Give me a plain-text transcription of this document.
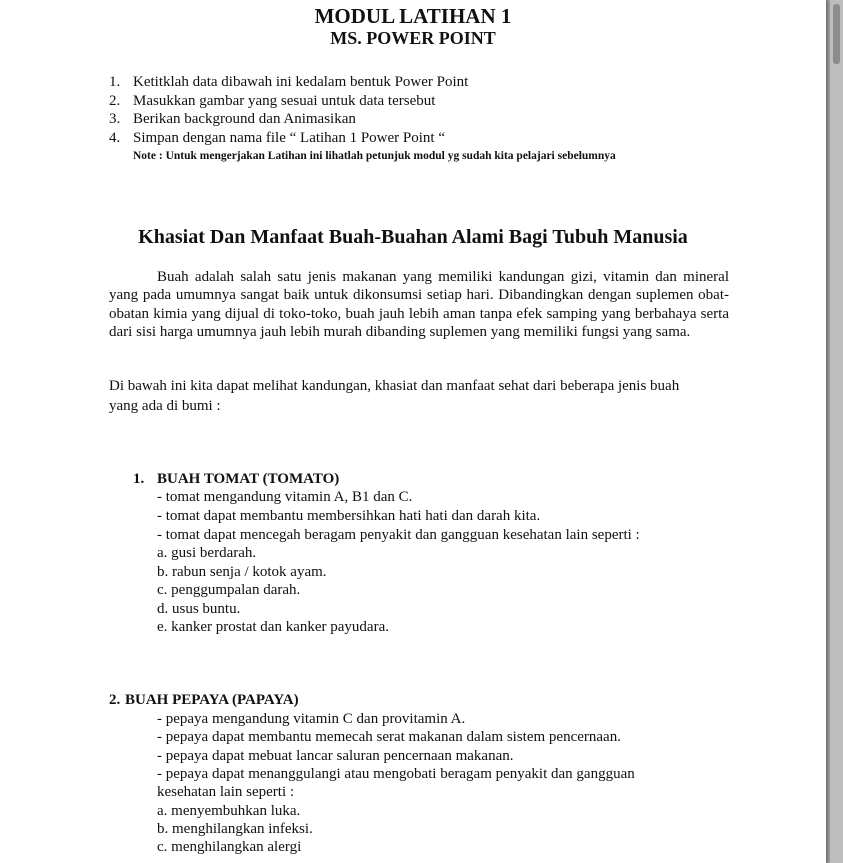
MODUL LATIHAN 1
MS. POWER POINT
1. Ketitklah data dibawah ini kedalam bentuk Power Point
2. Masukkan gambar yang sesuai untuk data tersebut
3. Berikan background dan Animasikan
4. Simpan dengan nama file “ Latihan 1 Power Point “
Note : Untuk mengerjakan Latihan ini lihatlah petunjuk modul yg sudah kita pelajari sebelumnya
Khasiat Dan Manfaat Buah-Buahan Alami Bagi Tubuh Manusia
Buah adalah salah satu jenis makanan yang memiliki kandungan gizi, vitamin dan mineral yang pada umumnya sangat baik untuk dikonsumsi setiap hari. Dibandingkan dengan suplemen obat-obatan kimia yang dijual di toko-toko, buah jauh lebih aman tanpa efek samping yang berbahaya serta dari sisi harga umumnya jauh lebih murah dibanding suplemen yang memiliki fungsi yang sama.
Di bawah ini kita dapat melihat kandungan, khasiat dan manfaat sehat dari beberapa jenis buah
yang ada di bumi :
1. BUAH TOMAT (TOMATO)
- tomat mengandung vitamin A, B1 dan C.
- tomat dapat membantu membersihkan hati hati dan darah kita.
- tomat dapat mencegah beragam penyakit dan gangguan kesehatan lain seperti :
a. gusi berdarah.
b. rabun senja / kotok ayam.
c. penggumpalan darah.
d. usus buntu.
e. kanker prostat dan kanker payudara.
2. BUAH PEPAYA (PAPAYA)
- pepaya mengandung vitamin C dan provitamin A.
- pepaya dapat membantu memecah serat makanan dalam sistem pencernaan.
- pepaya dapat mebuat lancar saluran pencernaan makanan.
- pepaya dapat menanggulangi atau mengobati beragam penyakit dan gangguan
kesehatan lain seperti :
a. menyembuhkan luka.
b. menghilangkan infeksi.
c. menghilangkan alergi
